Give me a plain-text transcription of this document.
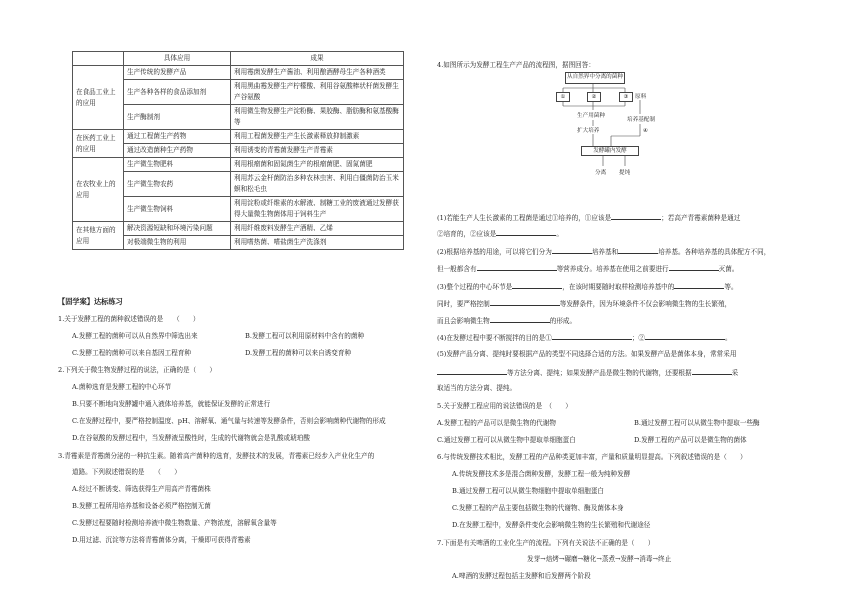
	具体应用	成果
在食品工业上的应用	生产传统的发酵产品	利用霉菌发酵生产酱油、利用酿酒酵母生产各种酒类
	生产各种各样的食品添加剂	利用黑曲霉发酵生产柠檬酸、利用谷氨酸棒状杆菌发酵生产谷氨酸
	生产酶制剂	利用微生物发酵生产淀粉酶、果胶酶、脂肪酶和氨基酸酶等
在医药工业上的应用	通过工程菌生产药物	利用工程菌发酵生产生长激素释放抑制激素
	通过改造菌种生产药物	利用诱变的青霉菌发酵生产青霉素
在农牧业上的应用	生产微生物肥料	利用根瘤菌和固氮菌生产的根瘤菌肥、固氮菌肥
	生产微生物农药	利用苏云金杆菌防治多种农林虫害、利用白僵菌防治玉米螟和松毛虫
	生产微生物饲料	利用淀粉或纤维素的水解液、制糖工业的废液通过发酵获得大量微生物菌体用于饲料生产
在其他方面的应用	解决资源短缺和环境污染问题	利用纤维废料发酵生产酒精、乙烯
	对极端微生物的利用	利用嗜热菌、嗜盐菌生产洗涤剂
【固学案】达标练习
1.关于发酵工程的菌种叙述错误的是　　（　　）
A.发酵工程的菌种可以从自然界中筛选出来	B.发酵工程可以利用原材料中含有的菌种
C.发酵工程的菌种可以来自基因工程育种	D.发酵工程的菌种可以来自诱变育种
2.下列关于微生物发酵过程的说法，正确的是（　　）
A.菌种选育是发酵工程的中心环节
B.只要不断地向发酵罐中通入液体培养基，就能保证发酵的正常进行
C.在发酵过程中，要严格控制温度、pH、溶解氧、通气量与转速等发酵条件，否则会影响菌种代谢物的形成
D.在谷氨酸的发酵过程中，当发酵液呈酸性时，生成的代谢物就会是乳酸或琥珀酸
3.青霉素是青霉菌分泌的一种抗生素。随着高产菌种的选育，发酵技术的发展，青霉素已经步入产业化生产的
道路。下列叙述错误的是　　（　　）
A.经过不断诱变、筛选获得生产用高产青霉菌株
B.发酵工程所用培养基和设备必须严格控制无菌
C.发酵过程要随时检测培养液中微生物数量、产物浓度，溶解氧含量等
D.用过滤、沉淀等方法将青霉菌体分离，干燥即可获得青霉素
4.如图所示为发酵工程生产产品的流程图，据图回答：
从自然界中分离的菌种
①	②	③
生产用菌种
扩大培养
原料
培养基配制
④
发酵罐内发酵
分离 提纯
(1)若能生产人生长激素的工程菌是通过①培养的，①应该是	；若高产青霉素菌种是通过
②培育的，②应该是	。
(2)根据培养基的用途，可以将它们分为	培养基和	培养基。各种培养基的具体配方不同，
但一般都含有	等营养成分。培养基在使用之前要进行	灭菌。
(3)整个过程的中心环节是	，在该时期要随时取样检测培养基中的	等。
同时，要严格控制	等发酵条件，因为环境条件不仅会影响微生物的生长繁殖，
而且会影响微生物	的形成。
(4)在发酵过程中要不断搅拌的目的是①	；②	。
(5)发酵产品分离、提纯时要根据产品的类型不同选择合适的方法。如果发酵产品是菌体本身，常常采用
等方法分离、提纯；如果发酵产品是微生物的代谢物，还要根据	采
取适当的方法分离、提纯。
5.关于发酵工程应用的说法错误的是　（　　）
A.发酵工程的产品可以是微生物的代谢物	B.通过发酵工程可以从微生物中提取一些酶
C.通过发酵工程可以从微生物中提取单细胞蛋白	D.发酵工程的产品可以是微生物的菌体
6.与传统发酵技术相比，发酵工程的产品种类更加丰富，产量和质量明显提高。下列叙述错误的是（　　）
A.传统发酵技术多是混合菌种发酵，发酵工程一般为纯种发酵
B.通过发酵工程可以从微生物细胞中提取单细胞蛋白
C.发酵工程的产品主要包括微生物的代谢物、酶及菌体本身
D.在发酵工程中，发酵条件变化会影响微生物的生长繁殖和代谢途径
7.下面是有关啤酒的工业化生产的流程。下列有关说法不正确的是（　　）
发芽→焙烤→碾磨→糖化→蒸煮→发酵→消毒→终止
A.啤酒的发酵过程包括主发酵和后发酵两个阶段
